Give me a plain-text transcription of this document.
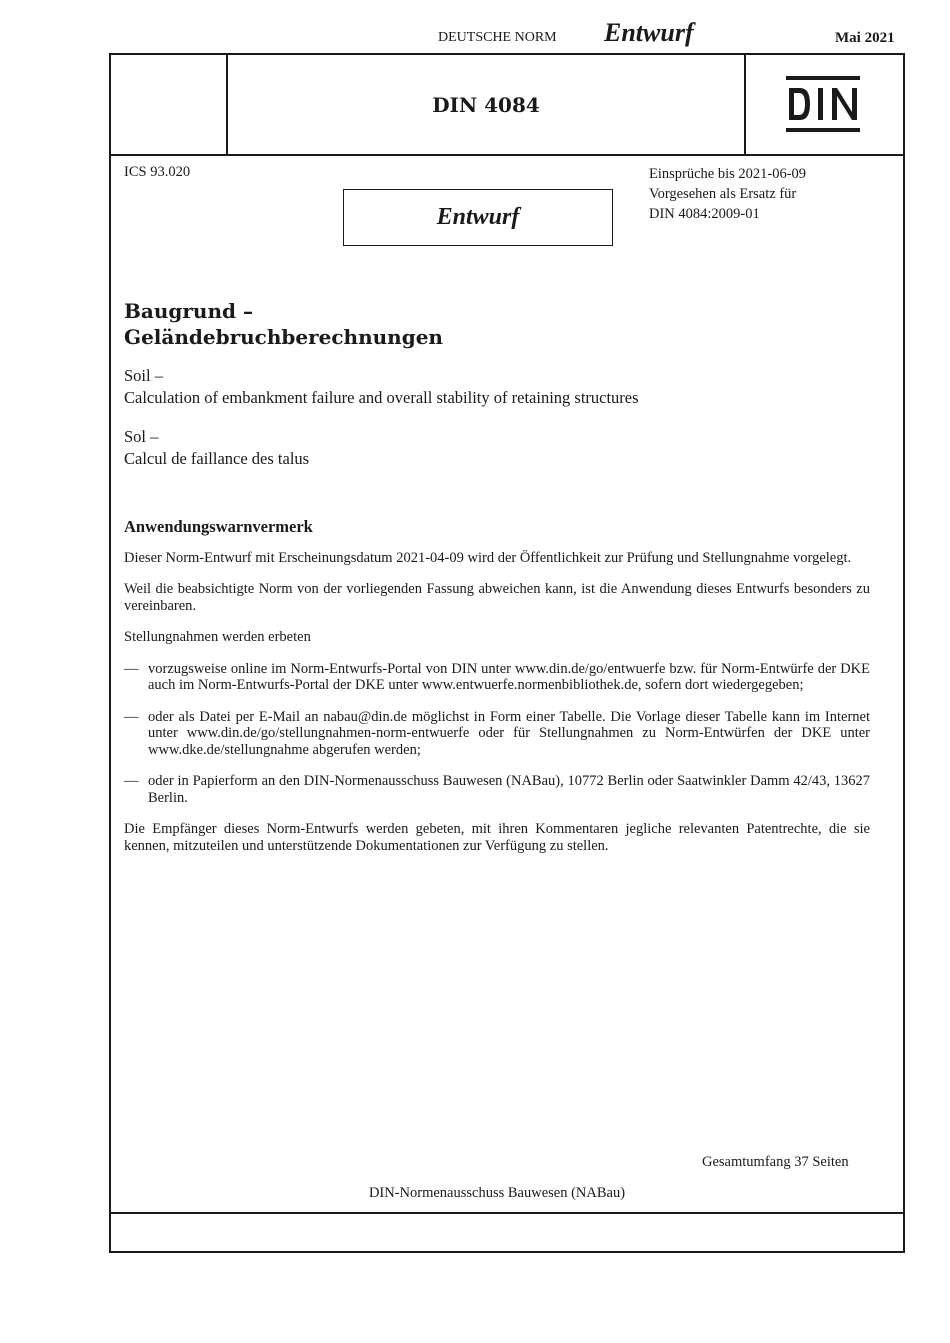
DEUTSCHE NORM Entwurf	Mai 2021
DIN 4084
ICS 93.020	Einsprüche bis 2021-06-09
Vorgesehen als Ersatz für
DIN 4084:2009-01
Entwurf
Baugrund –
Geländebruchberechnungen
Soil –
Calculation of embankment failure and overall stability of retaining structures
Sol –
Calcul de faillance des talus
Anwendungswarnvermerk

Dieser Norm-Entwurf mit Erscheinungsdatum 2021-04-09 wird der Öffentlichkeit zur Prüfung und Stellungnahme vorgelegt.

Weil die beabsichtigte Norm von der vorliegenden Fassung abweichen kann, ist die Anwendung dieses Entwurfs besonders zu vereinbaren.

Stellungnahmen werden erbeten

— vorzugsweise online im Norm-Entwurfs-Portal von DIN unter www.din.de/go/entwuerfe bzw. für Norm-Entwürfe der DKE auch im Norm-Entwurfs-Portal der DKE unter www.entwuerfe.normenbibliothek.de, sofern dort wiedergegeben;
— oder als Datei per E-Mail an nabau@din.de möglichst in Form einer Tabelle. Die Vorlage dieser Tabelle kann im Internet unter www.din.de/go/stellungnahmen-norm-entwuerfe oder für Stellungnahmen zu Norm-Entwürfen der DKE unter www.dke.de/stellungnahme abgerufen werden;
— oder in Papierform an den DIN-Normenausschuss Bauwesen (NABau), 10772 Berlin oder Saatwinkler Damm 42/43, 13627 Berlin.

Die Empfänger dieses Norm-Entwurfs werden gebeten, mit ihren Kommentaren jegliche relevanten Patentrechte, die sie kennen, mitzuteilen und unterstützende Dokumentationen zur Verfügung zu stellen.

Gesamtumfang 37 Seiten
DIN-Normenausschuss Bauwesen (NABau)
